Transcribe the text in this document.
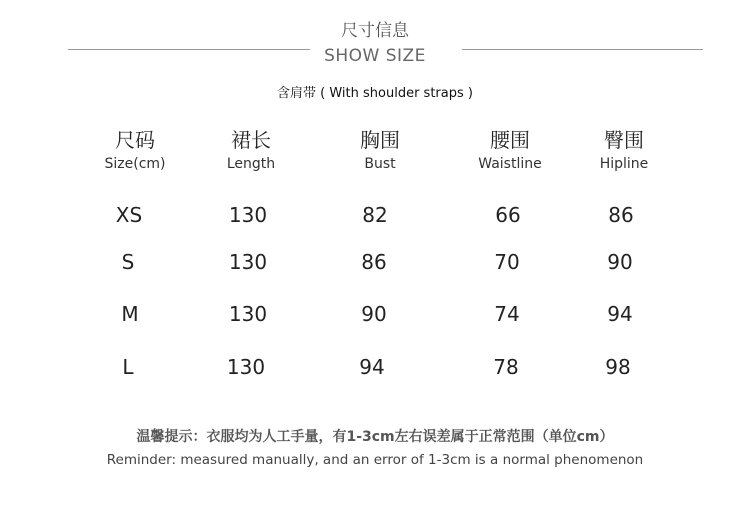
尺寸信息
SHOW SIZE
含肩带 ( With shoulder straps )
尺码	裙长	胸围	腰围	臀围
Size(cm)	Length	Bust	Waistline	Hipline
XS	130	82	66	86
S	130	86	70	90
M	130	90	74	94
L	130	94	78	98
温馨提示：衣服均为人工手量，有1-3cm左右误差属于正常范围（单位cm）
Reminder: measured manually, and an error of 1-3cm is a normal phenomenon
